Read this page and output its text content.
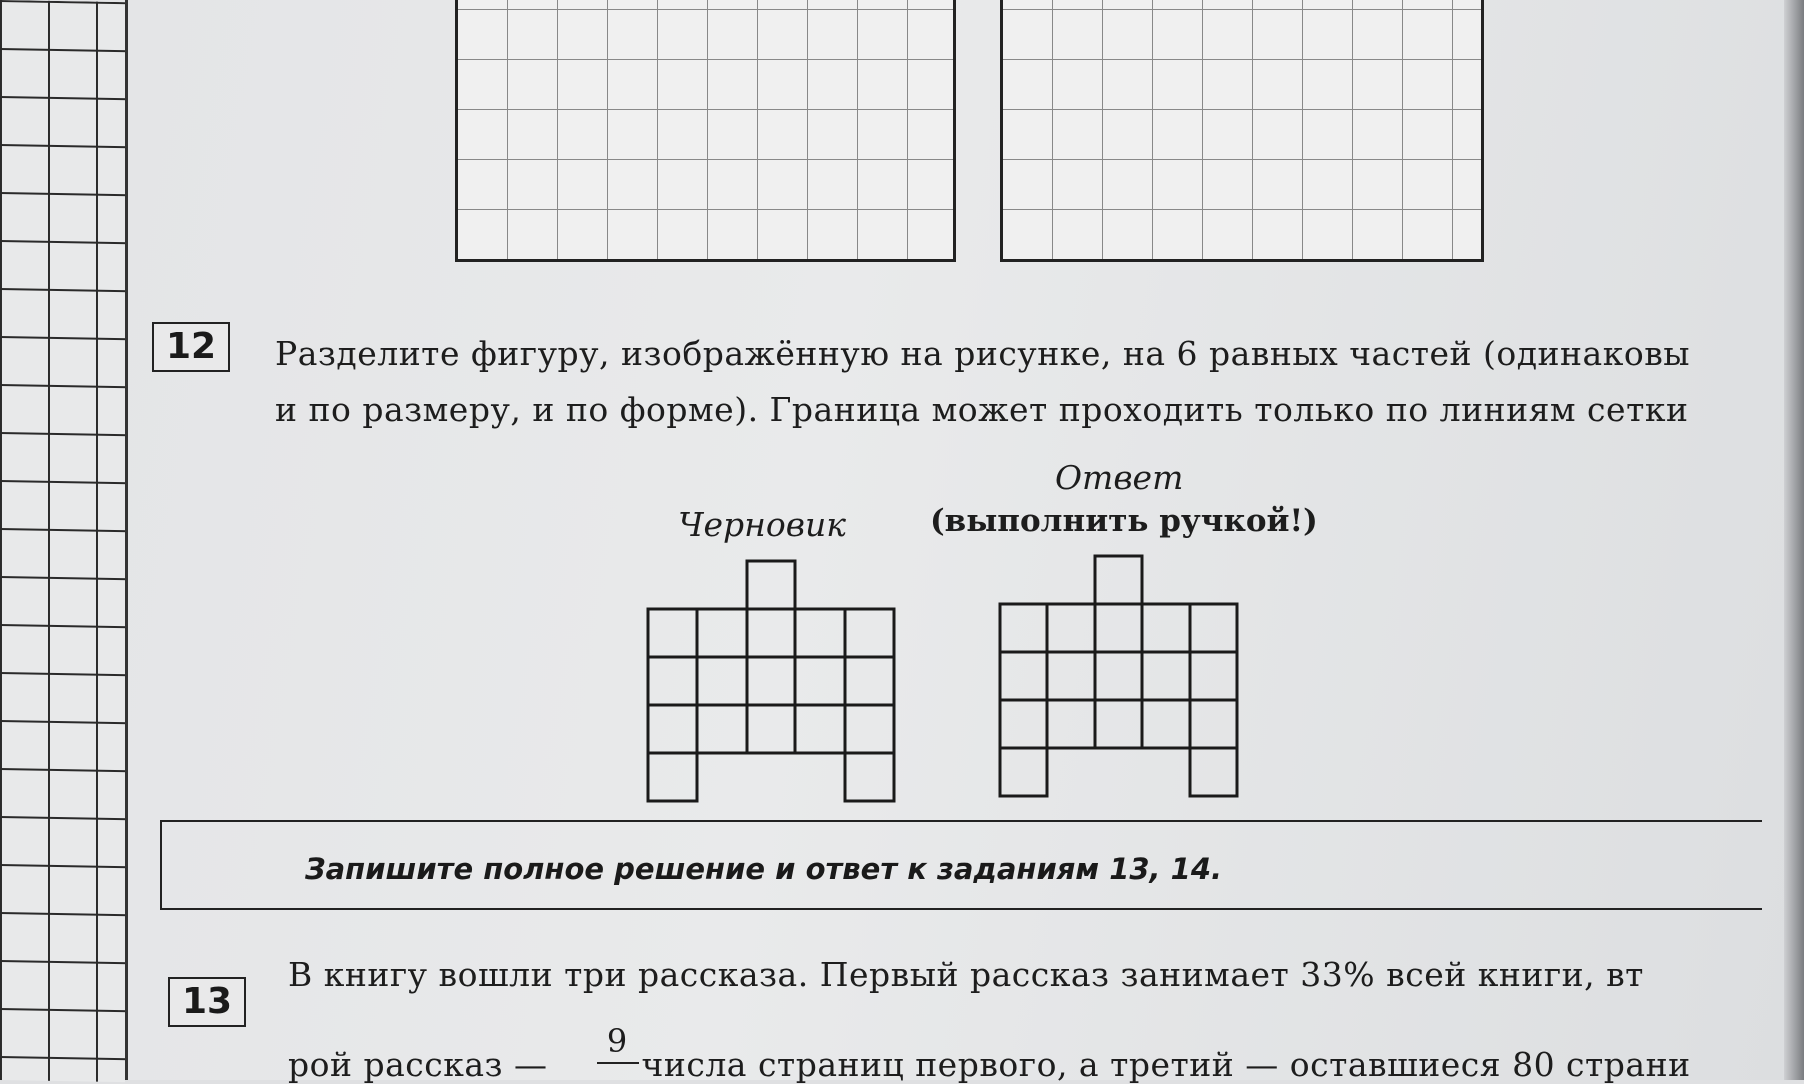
12	Разделите фигуру, изображённую на рисунке, на 6 равных частей (одинаковы
и по размеру, и по форме). Граница может проходить только по линиям сетки
Ответ
Черновик	(выполнить ручкой!)
Запишите полное решение и ответ к заданиям 13, 14.
13
В книгу вошли три рассказа. Первый рассказ занимает 33% всей книги, вт
рой рассказ —	числа страниц первого, а третий — оставшиеся 80 страни
9
